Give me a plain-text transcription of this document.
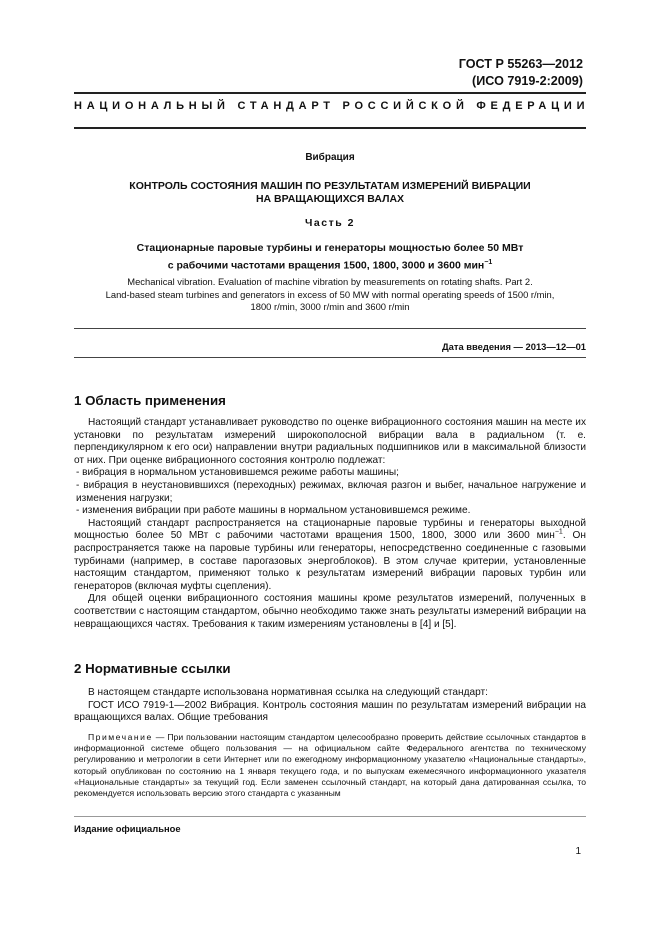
ГОСТ Р 55263—2012
(ИСО 7919-2:2009)
НАЦИОНАЛЬНЫЙ СТАНДАРТ РОССИЙСКОЙ ФЕДЕРАЦИИ
Вибрация
КОНТРОЛЬ СОСТОЯНИЯ МАШИН ПО РЕЗУЛЬТАТАМ ИЗМЕРЕНИЙ ВИБРАЦИИ
НА ВРАЩАЮЩИХСЯ ВАЛАХ
Часть 2
Стационарные паровые турбины и генераторы мощностью более 50 МВт
с рабочими частотами вращения 1500, 1800, 3000 и 3600 мин$^{-1}$
Mechanical vibration. Evaluation of machine vibration by measurements on rotating shafts. Part 2.
Land-based steam turbines and generators in excess of 50 MW with normal operating speeds of 1500 r/min,
1800 r/min, 3000 r/min and 3600 r/min
Дата введения — 2013—12—01
1 Область применения

Настоящий стандарт устанавливает руководство по оценке вибрационного состояния машин на месте их установки по результатам измерений широкополосной вибрации вала в радиальном (т. е. перпендикулярном к его оси) направлении внутри радиальных подшипников или в максимальной близости от них. При оценке вибрационного состояния контролю подлежат:

- вибрация в нормальном установившемся режиме работы машины;

- вибрация в неустановившихся (переходных) режимах, включая разгон и выбег, начальное нагружение и изменения нагрузки;

- изменения вибрации при работе машины в нормальном установившемся режиме.

Настоящий стандарт распространяется на стационарные паровые турбины и генераторы выходной мощностью более 50 МВт с рабочими частотами вращения 1500, 1800, 3000 или 3600 мин$^{-1}$. Он распространяется также на паровые турбины или генераторы, непосредственно соединенные с газовыми турбинами (например, в составе парогазовых энергоблоков). В этом случае критерии, установленные настоящим стандартом, применяют только к результатам измерений вибрации паровых турбин или генераторов (включая муфты сцепления).

Для общей оценки вибрационного состояния машины кроме результатов измерений, полученных в соответствии с настоящим стандартом, обычно необходимо также знать результаты измерений вибрации на невращающихся частях. Требования к таким измерениям установлены в [4] и [5].

2 Нормативные ссылки

В настоящем стандарте использована нормативная ссылка на следующий стандарт:

ГОСТ ИСО 7919-1—2002 Вибрация. Контроль состояния машин по результатам измерений вибрации на вращающихся валах. Общие требования

Примечание — При пользовании настоящим стандартом целесообразно проверить действие ссылочных стандартов в информационной системе общего пользования — на официальном сайте Федерального агентства по техническому регулированию и метрологии в сети Интернет или по ежегодному информационному указателю «Национальные стандарты», который опубликован по состоянию на 1 января текущего года, и по выпускам ежемесячного информационного указателя «Национальные стандарты» за текущий год. Если заменен ссылочный стандарт, на который дана датированная ссылка, то рекомендуется использовать версию этого стандарта с указанным

Издание официальное
1
